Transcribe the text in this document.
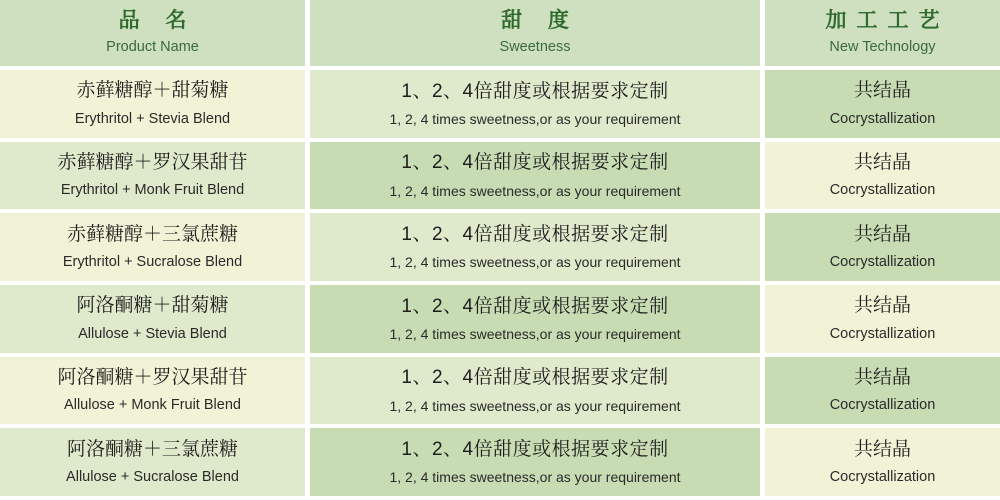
品 名
Product Name
甜 度
Sweetness
加工工艺
New Technology
赤藓糖醇＋甜菊糖
Erythritol + Stevia Blend
1、2、4倍甜度或根据要求定制
1, 2, 4 times sweetness,or as your requirement
共结晶
Cocrystallization
赤藓糖醇＋罗汉果甜苷
Erythritol + Monk Fruit Blend
1、2、4倍甜度或根据要求定制
1, 2, 4 times sweetness,or as your requirement
共结晶
Cocrystallization
赤藓糖醇＋三氯蔗糖
Erythritol + Sucralose Blend
1、2、4倍甜度或根据要求定制
1, 2, 4 times sweetness,or as your requirement
共结晶
Cocrystallization
阿洛酮糖＋甜菊糖
Allulose + Stevia Blend
1、2、4倍甜度或根据要求定制
1, 2, 4 times sweetness,or as your requirement
共结晶
Cocrystallization
阿洛酮糖＋罗汉果甜苷
Allulose + Monk Fruit Blend
1、2、4倍甜度或根据要求定制
1, 2, 4 times sweetness,or as your requirement
共结晶
Cocrystallization
阿洛酮糖＋三氯蔗糖
Allulose + Sucralose Blend
1、2、4倍甜度或根据要求定制
1, 2, 4 times sweetness,or as your requirement
共结晶
Cocrystallization
